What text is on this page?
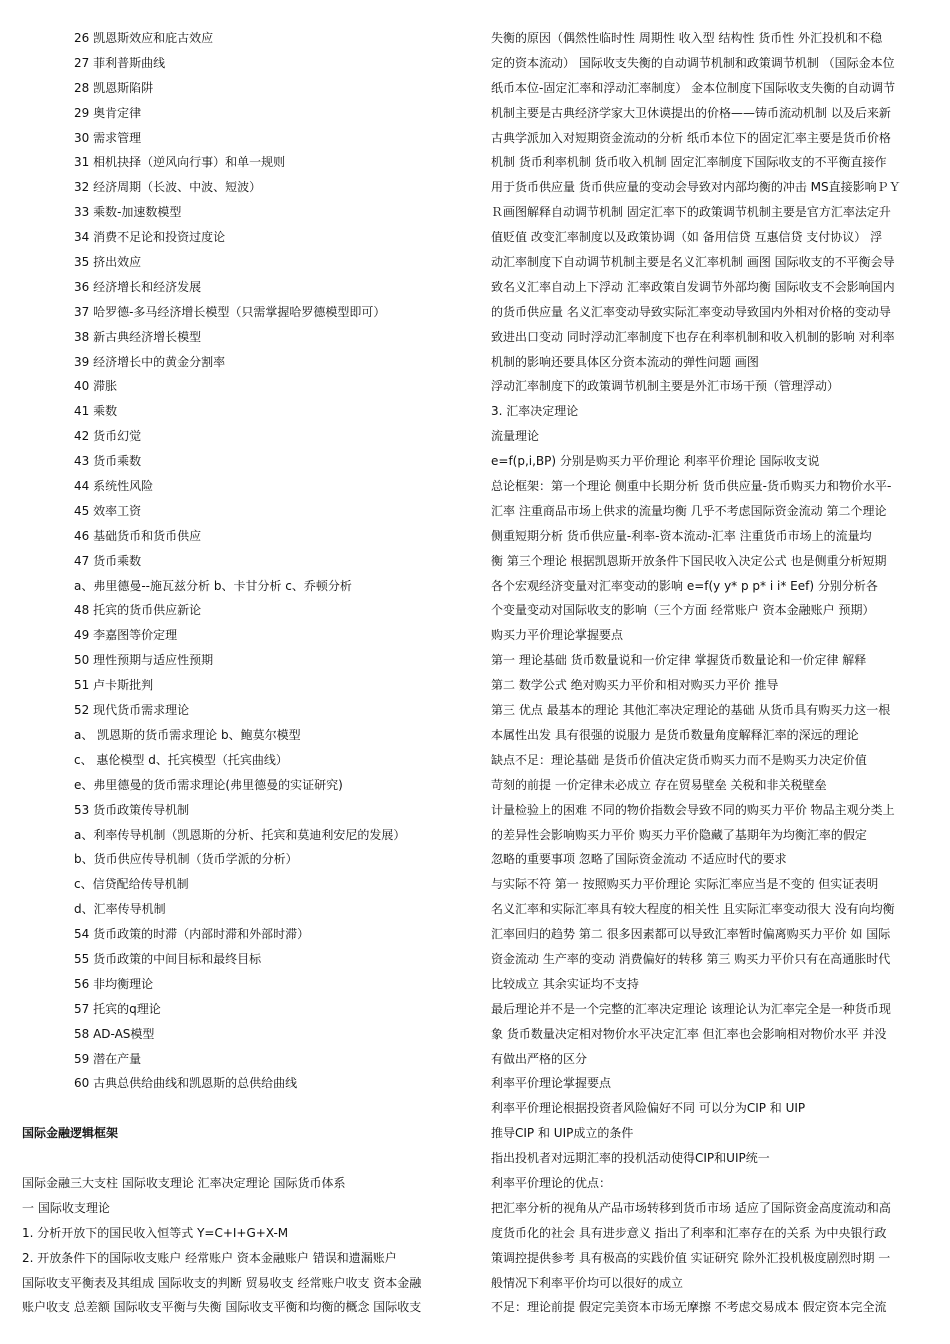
26 凯恩斯效应和庇古效应
27 菲利普斯曲线
28 凯恩斯陷阱
29 奥肯定律
30 需求管理
31 相机抉择（逆风向行事）和单一规则
32 经济周期（长波、中波、短波）
33 乘数-加速数模型
34 消费不足论和投资过度论
35 挤出效应
36 经济增长和经济发展
37 哈罗德-多马经济增长模型（只需掌握哈罗德模型即可）
38 新古典经济增长模型
39 经济增长中的黄金分割率
40 滞胀
41 乘数
42 货币幻觉
43 货币乘数
44 系统性风险
45 效率工资
46 基础货币和货币供应
47 货币乘数
a、弗里德曼--施瓦兹分析 b、卡甘分析 c、乔顿分析
48 托宾的货币供应新论
49 李嘉图等价定理
50 理性预期与适应性预期
51 卢卡斯批判
52 现代货币需求理论
a、 凯恩斯的货币需求理论 b、鲍莫尔模型
c、 惠伦模型 d、托宾模型（托宾曲线）
e、弗里德曼的货币需求理论(弗里德曼的实证研究)
53 货币政策传导机制
a、利率传导机制（凯恩斯的分析、托宾和莫迪利安尼的发展）
b、货币供应传导机制（货币学派的分析）
c、信贷配给传导机制
d、汇率传导机制
54 货币政策的时滞（内部时滞和外部时滞）
55 货币政策的中间目标和最终目标
56 非均衡理论
57 托宾的q理论
58 AD-AS模型
59 潜在产量
60 古典总供给曲线和凯恩斯的总供给曲线
国际金融逻辑框架
国际金融三大支柱 国际收支理论 汇率决定理论 国际货币体系
一 国际收支理论
1. 分析开放下的国民收入恒等式 Y=C+I+G+X-M
2. 开放条件下的国际收支账户 经常账户 资本金融账户 错误和遗漏账户
国际收支平衡表及其组成 国际收支的判断 贸易收支 经常账户收支 资本金融
账户收支 总差额 国际收支平衡与失衡 国际收支平衡和均衡的概念 国际收支
失衡的原因（偶然性临时性 周期性 收入型 结构性 货币性 外汇投机和不稳
定的资本流动） 国际收支失衡的自动调节机制和政策调节机制 （国际金本位
纸币本位-固定汇率和浮动汇率制度） 金本位制度下国际收支失衡的自动调节
机制主要是古典经济学家大卫休谟提出的价格——铸币流动机制 以及后来新
古典学派加入对短期资金流动的分析 纸币本位下的固定汇率主要是货币价格
机制 货币利率机制 货币收入机制 固定汇率制度下国际收支的不平衡直接作
用于货币供应量 货币供应量的变动会导致对内部均衡的冲击 MS直接影响ＰＹ
Ｒ画图解释自动调节机制 固定汇率下的政策调节机制主要是官方汇率法定升
值贬值 改变汇率制度以及政策协调（如 备用信贷 互惠信贷 支付协议） 浮
动汇率制度下自动调节机制主要是名义汇率机制 画图 国际收支的不平衡会导
致名义汇率自动上下浮动 汇率政策自发调节外部均衡 国际收支不会影响国内
的货币供应量 名义汇率变动导致实际汇率变动导致国内外相对价格的变动导
致进出口变动 同时浮动汇率制度下也存在利率机制和收入机制的影响 对利率
机制的影响还要具体区分资本流动的弹性问题 画图
浮动汇率制度下的政策调节机制主要是外汇市场干预（管理浮动）
3. 汇率决定理论
流量理论
e=f(p,i,BP) 分别是购买力平价理论 利率平价理论 国际收支说
总论框架：第一个理论 侧重中长期分析 货币供应量-货币购买力和物价水平-
汇率 注重商品市场上供求的流量均衡 几乎不考虑国际资金流动 第二个理论
侧重短期分析 货币供应量-利率-资本流动-汇率 注重货币市场上的流量均
衡 第三个理论 根据凯恩斯开放条件下国民收入决定公式 也是侧重分析短期
各个宏观经济变量对汇率变动的影响 e=f(y y* p p* i i* Eef) 分别分析各
个变量变动对国际收支的影响（三个方面 经常账户 资本金融账户 预期）
购买力平价理论掌握要点
第一 理论基础 货币数量说和一价定律 掌握货币数量论和一价定律 解释
第二 数学公式 绝对购买力平价和相对购买力平价 推导
第三 优点 最基本的理论 其他汇率决定理论的基础 从货币具有购买力这一根
本属性出发 具有很强的说服力 是货币数量角度解释汇率的深远的理论
缺点不足：理论基础 是货币价值决定货币购买力而不是购买力决定价值
苛刻的前提 一价定律未必成立 存在贸易壁垒 关税和非关税壁垒
计量检验上的困难 不同的物价指数会导致不同的购买力平价 物品主观分类上
的差异性会影响购买力平价 购买力平价隐藏了基期年为均衡汇率的假定
忽略的重要事项 忽略了国际资金流动 不适应时代的要求
与实际不符 第一 按照购买力平价理论 实际汇率应当是不变的 但实证表明
名义汇率和实际汇率具有较大程度的相关性 且实际汇率变动很大 没有向均衡
汇率回归的趋势 第二 很多因素都可以导致汇率暂时偏离购买力平价 如 国际
资金流动 生产率的变动 消费偏好的转移 第三 购买力平价只有在高通胀时代
比较成立 其余实证均不支持
最后理论并不是一个完整的汇率决定理论 该理论认为汇率完全是一种货币现
象 货币数量决定相对物价水平决定汇率 但汇率也会影响相对物价水平 并没
有做出严格的区分
利率平价理论掌握要点
利率平价理论根据投资者风险偏好不同 可以分为CIP 和 UIP
推导CIP 和 UIP成立的条件
指出投机者对远期汇率的投机活动使得CIP和UIP统一
利率平价理论的优点：
把汇率分析的视角从产品市场转移到货币市场 适应了国际资金高度流动和高
度货币化的社会 具有进步意义 指出了利率和汇率存在的关系 为中央银行政
策调控提供参考 具有极高的实践价值 实证研究 除外汇投机极度剧烈时期 一
般情况下利率平价均可以很好的成立
不足：理论前提 假定完美资本市场无摩擦 不考虑交易成本 假定资本完全流
